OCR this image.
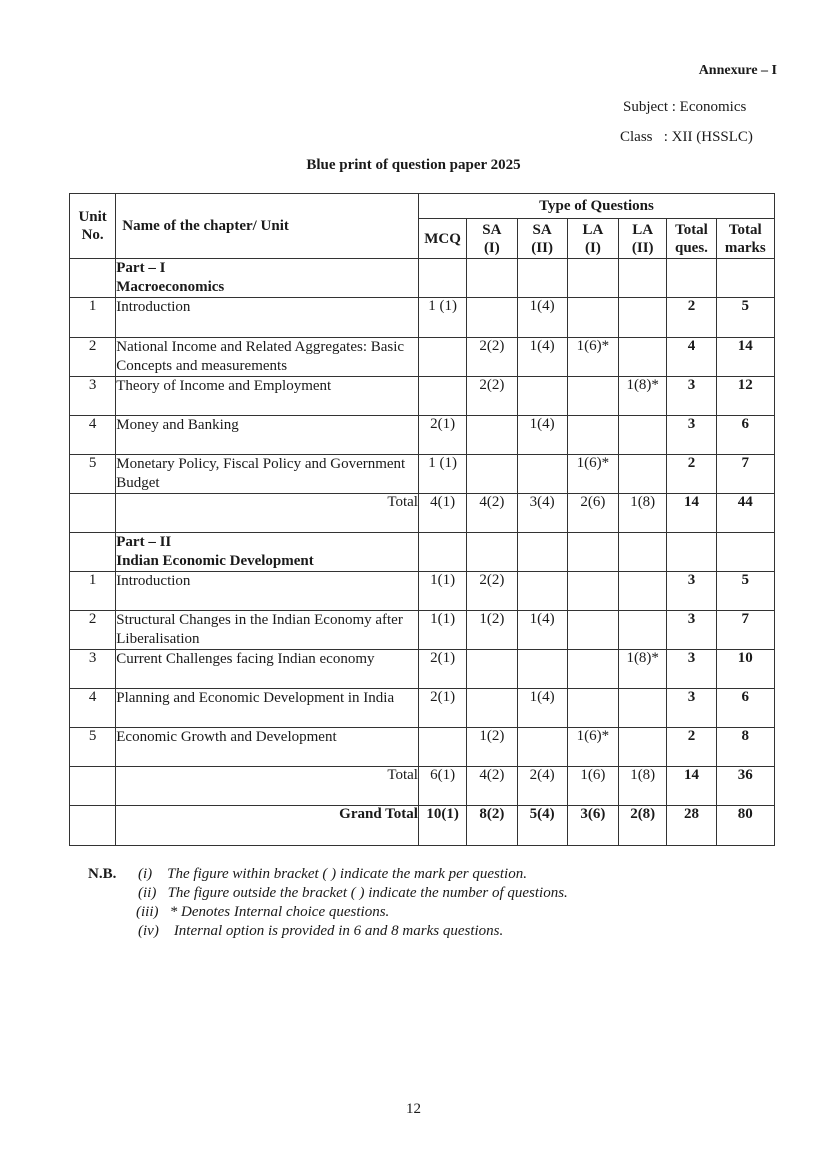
Annexure – I
Subject : Economics
Class   : XII (HSSLC)
Blue print of question paper 2025
Unit No.	Name of the chapter/ Unit	Type of Questions						
		MCQ	SA (I)	SA (II)	LA (I)	LA (II)	Total ques.	Total marks

	Part – I
Macroeconomics							

1	Introduction	1 (1)		1(4)			2	5
2	National Income and Related Aggregates: Basic Concepts and measurements		2(2)	1(4)	1(6)*		4	14
3	Theory of Income and Employment		2(2)			1(8)*	3	12
4	Money and Banking	2(1)		1(4)			3	6
5	Monetary Policy, Fiscal Policy and Government Budget	1 (1)			1(6)*		2	7
	Total	4(1)	4(2)	3(4)	2(6)	1(8)	14	44

	Part – II
Indian Economic Development							

1	Introduction	1(1)	2(2)				3	5
2	Structural Changes in the Indian Economy after Liberalisation	1(1)	1(2)	1(4)			3	7
3	Current Challenges facing Indian economy	2(1)				1(8)*	3	10
4	Planning and Economic Development in India	2(1)		1(4)			3	6
5	Economic Growth and Development		1(2)		1(6)*		2	8
	Total	6(1)	4(2)	2(4)	1(6)	1(8)	14	36
	Grand Total	10(1)	8(2)	5(4)	3(6)	2(8)	28	80
N.B. (i)    The figure within bracket ( ) indicate the mark per question.
(ii)   The figure outside the bracket ( ) indicate the number of questions.
(iii)   * Denotes Internal choice questions.
(iv)    Internal option is provided in 6 and 8 marks questions.
12
